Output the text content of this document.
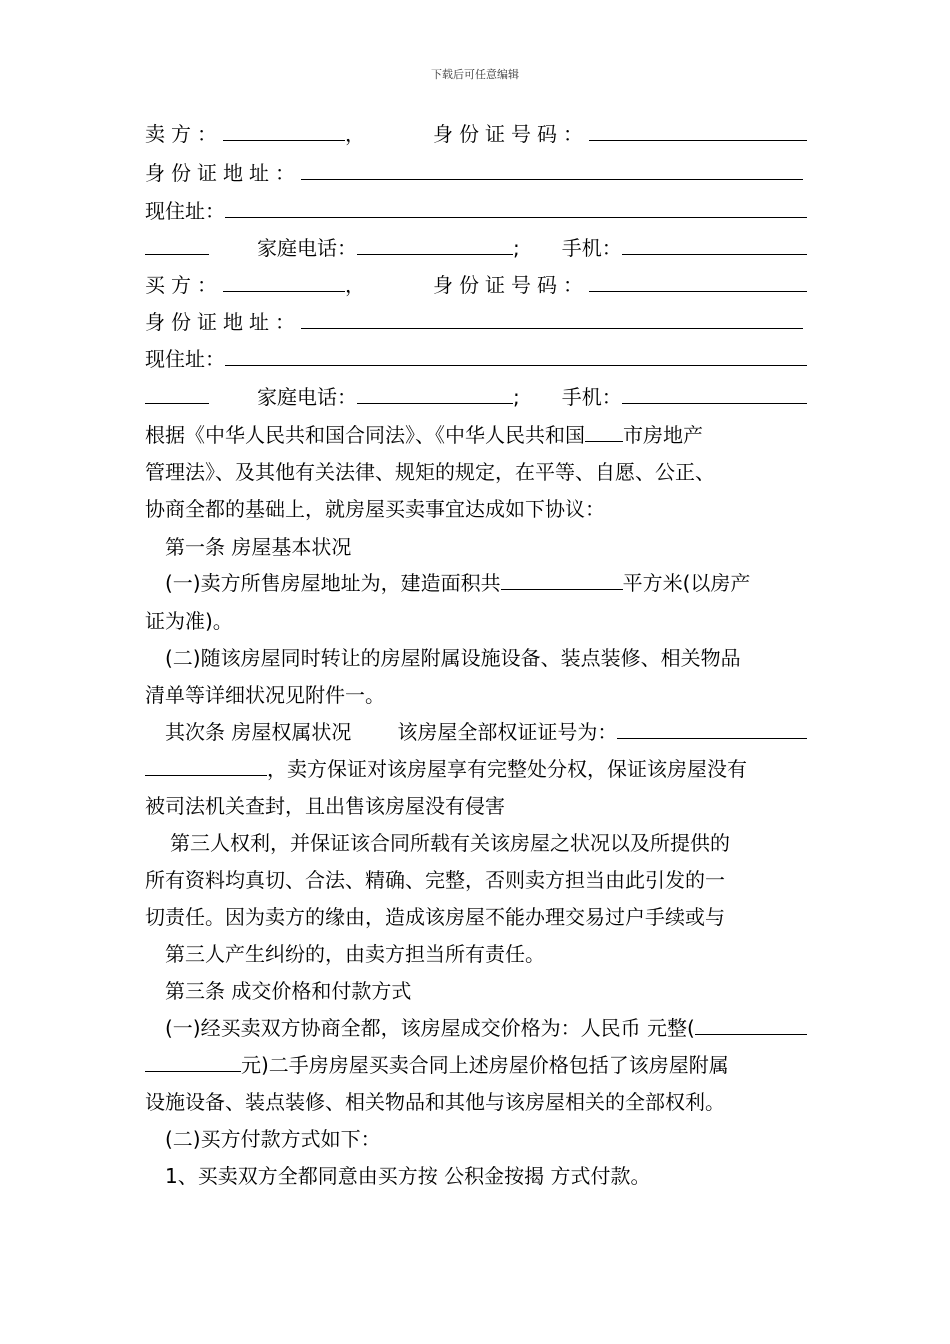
下载后可任意编辑
卖方：	，	身份证号码：
身份证地址：
现住址：
家庭电话：	; 手机：
买方：	，	身份证号码：
身份证地址：
现住址：
家庭电话：	; 手机：
根据《中华人民共和国合同法》、《中华人民共和国 市房地产
管理法》、及其他有关法律、规矩的规定，在平等、自愿、公正、
协商全都的基础上，就房屋买卖事宜达成如下协议：
第一条 房屋基本状况
(一)卖方所售房屋地址为，建造面积共	平方米(以房产
证为准)。
(二)随该房屋同时转让的房屋附属设施设备、装点装修、相关物品
清单等详细状况见附件一。
其次条 房屋权属状况 该房屋全部权证证号为：
，卖方保证对该房屋享有完整处分权，保证该房屋没有
被司法机关查封，且出售该房屋没有侵害
第三人权利，并保证该合同所载有关该房屋之状况以及所提供的
所有资料均真切、合法、精确、完整，否则卖方担当由此引发的一
切责任。因为卖方的缘由，造成该房屋不能办理交易过户手续或与
第三人产生纠纷的，由卖方担当所有责任。
第三条 成交价格和付款方式
(一)经买卖双方协商全都，该房屋成交价格为：人民币 元整(
元)二手房房屋买卖合同上述房屋价格包括了该房屋附属
设施设备、装点装修、相关物品和其他与该房屋相关的全部权利。
(二)买方付款方式如下：
1、买卖双方全都同意由买方按 公积金按揭 方式付款。
